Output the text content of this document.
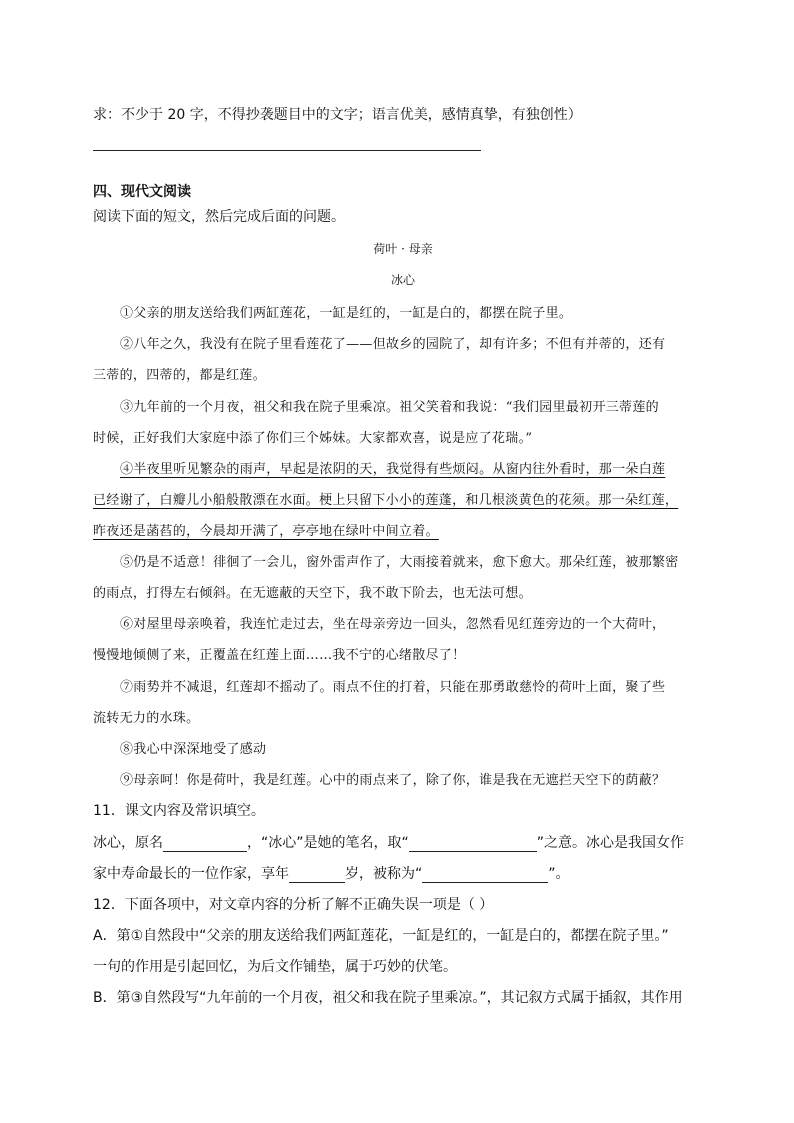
求：不少于 20 字，不得抄袭题目中的文字；语言优美，感情真挚，有独创性）
四、现代文阅读
阅读下面的短文，然后完成后面的问题。
荷叶 · 母亲
冰心
①父亲的朋友送给我们两缸莲花，一缸是红的，一缸是白的，都摆在院子里。
②八年之久，我没有在院子里看莲花了——但故乡的园院了，却有许多；不但有并蒂的，还有
三蒂的，四蒂的，都是红莲。
③九年前的一个月夜，祖父和我在院子里乘凉。祖父笑着和我说：“我们园里最初开三蒂莲的
时候，正好我们大家庭中添了你们三个姊妹。大家都欢喜，说是应了花瑞。”
④半夜里听见繁杂的雨声，早起是浓阴的天，我觉得有些烦闷。从窗内往外看时，那一朵白莲
已经谢了，白瓣儿小船般散漂在水面。梗上只留下小小的莲蓬，和几根淡黄色的花须。那一朵红莲，
昨夜还是菡萏的，今晨却开满了，亭亭地在绿叶中间立着。
⑤仍是不适意！徘徊了一会儿，窗外雷声作了，大雨接着就来，愈下愈大。那朵红莲，被那繁密
的雨点，打得左右倾斜。在无遮蔽的天空下，我不敢下阶去，也无法可想。
⑥对屋里母亲唤着，我连忙走过去，坐在母亲旁边一回头，忽然看见红莲旁边的一个大荷叶，
慢慢地倾侧了来，正覆盖在红莲上面……我不宁的心绪散尽了！
⑦雨势并不减退，红莲却不摇动了。雨点不住的打着，只能在那勇敢慈怜的荷叶上面，聚了些
流转无力的水珠。
⑧我心中深深地受了感动
⑨母亲呵！你是荷叶，我是红莲。心中的雨点来了，除了你，谁是我在无遮拦天空下的荫蔽？
11．课文内容及常识填空。
冰心，原名	，“冰心”是她的笔名，取“	”之意。冰心是我国女作
家中寿命最长的一位作家，享年	岁，被称为“	”。
12．下面各项中，对文章内容的分析了解不正确失误一项是（ ）
A．第①自然段中“父亲的朋友送给我们两缸莲花，一缸是红的，一缸是白的，都摆在院子里。”
一句的作用是引起回忆，为后文作铺垫，属于巧妙的伏笔。
B．第③自然段写“九年前的一个月夜，祖父和我在院子里乘凉。”，其记叙方式属于插叙，其作用
